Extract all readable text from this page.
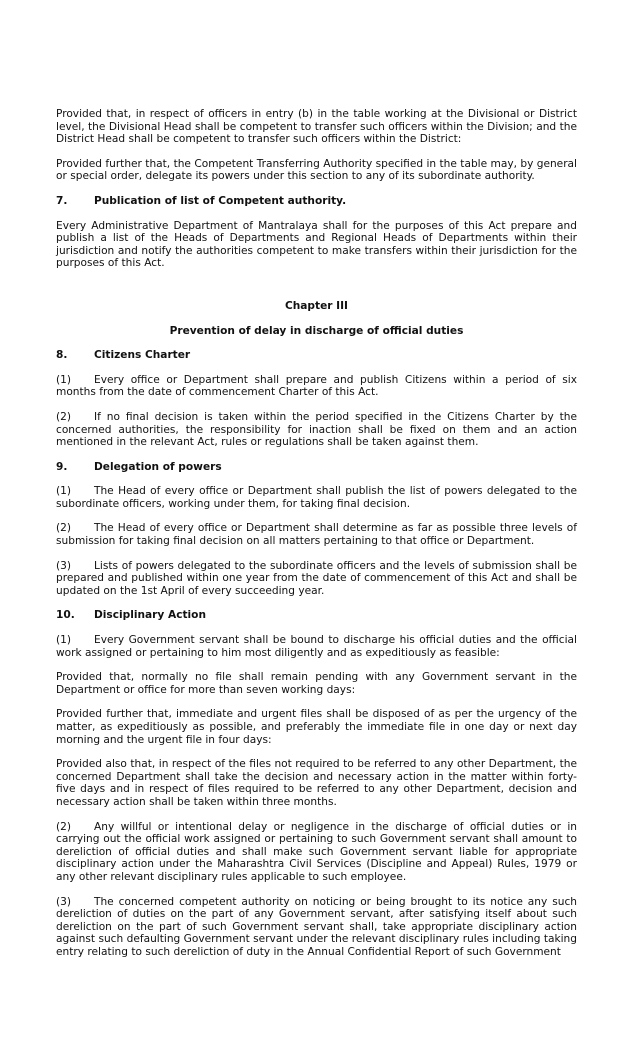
Provided that, in respect of officers in entry (b) in the table working at the Divisional or District level, the Divisional Head shall be competent to transfer such officers within the Division; and the District Head shall be competent to transfer such officers within the District:

Provided further that, the Competent Transferring Authority specified in the table may, by general or special order, delegate its powers under this section to any of its subordinate authority.

7.	Publication of list of Competent authority.

Every Administrative Department of Mantralaya shall for the purposes of this Act prepare and publish a list of the Heads of Departments and Regional Heads of Departments within their jurisdiction and notify the authorities competent to make transfers within their jurisdiction for the purposes of this Act.

Chapter III
Prevention of delay in discharge of official duties
8.	Citizens Charter

(1) Every office or Department shall prepare and publish Citizens within a period of six months from the date of commencement Charter of this Act.

(2) If no final decision is taken within the period specified in the Citizens Charter by the concerned authorities, the responsibility for inaction shall be fixed on them and an action mentioned in the relevant Act, rules or regulations shall be taken against them.

9.	Delegation of powers

(1) The Head of every office or Department shall publish the list of powers delegated to the subordinate officers, working under them, for taking final decision.

(2) The Head of every office or Department shall determine as far as possible three levels of submission for taking final decision on all matters pertaining to that office or Department.

(3) Lists of powers delegated to the subordinate officers and the levels of submission shall be prepared and published within one year from the date of commencement of this Act and shall be updated on the 1st April of every succeeding year.

10.	Disciplinary Action

(1) Every Government servant shall be bound to discharge his official duties and the official work assigned or pertaining to him most diligently and as expeditiously as feasible:

Provided that, normally no file shall remain pending with any Government servant in the Department or office for more than seven working days:

Provided further that, immediate and urgent files shall be disposed of as per the urgency of the matter, as expeditiously as possible, and preferably the immediate file in one day or next day morning and the urgent file in four days:

Provided also that, in respect of the files not required to be referred to any other Department, the concerned Department shall take the decision and necessary action in the matter within forty-five days and in respect of files required to be referred to any other Department, decision and necessary action shall be taken within three months.

(2) Any willful or intentional delay or negligence in the discharge of official duties or in carrying out the official work assigned or pertaining to such Government servant shall amount to dereliction of official duties and shall make such Government servant liable for appropriate disciplinary action under the Maharashtra Civil Services (Discipline and Appeal) Rules, 1979 or any other relevant disciplinary rules applicable to such employee.

(3) The concerned competent authority on noticing or being brought to its notice any such dereliction of duties on the part of any Government servant, after satisfying itself about such dereliction on the part of such Government servant shall, take appropriate disciplinary action against such defaulting Government servant under the relevant disciplinary rules including taking entry relating to such dereliction of duty in the Annual Confidential Report of such Government
